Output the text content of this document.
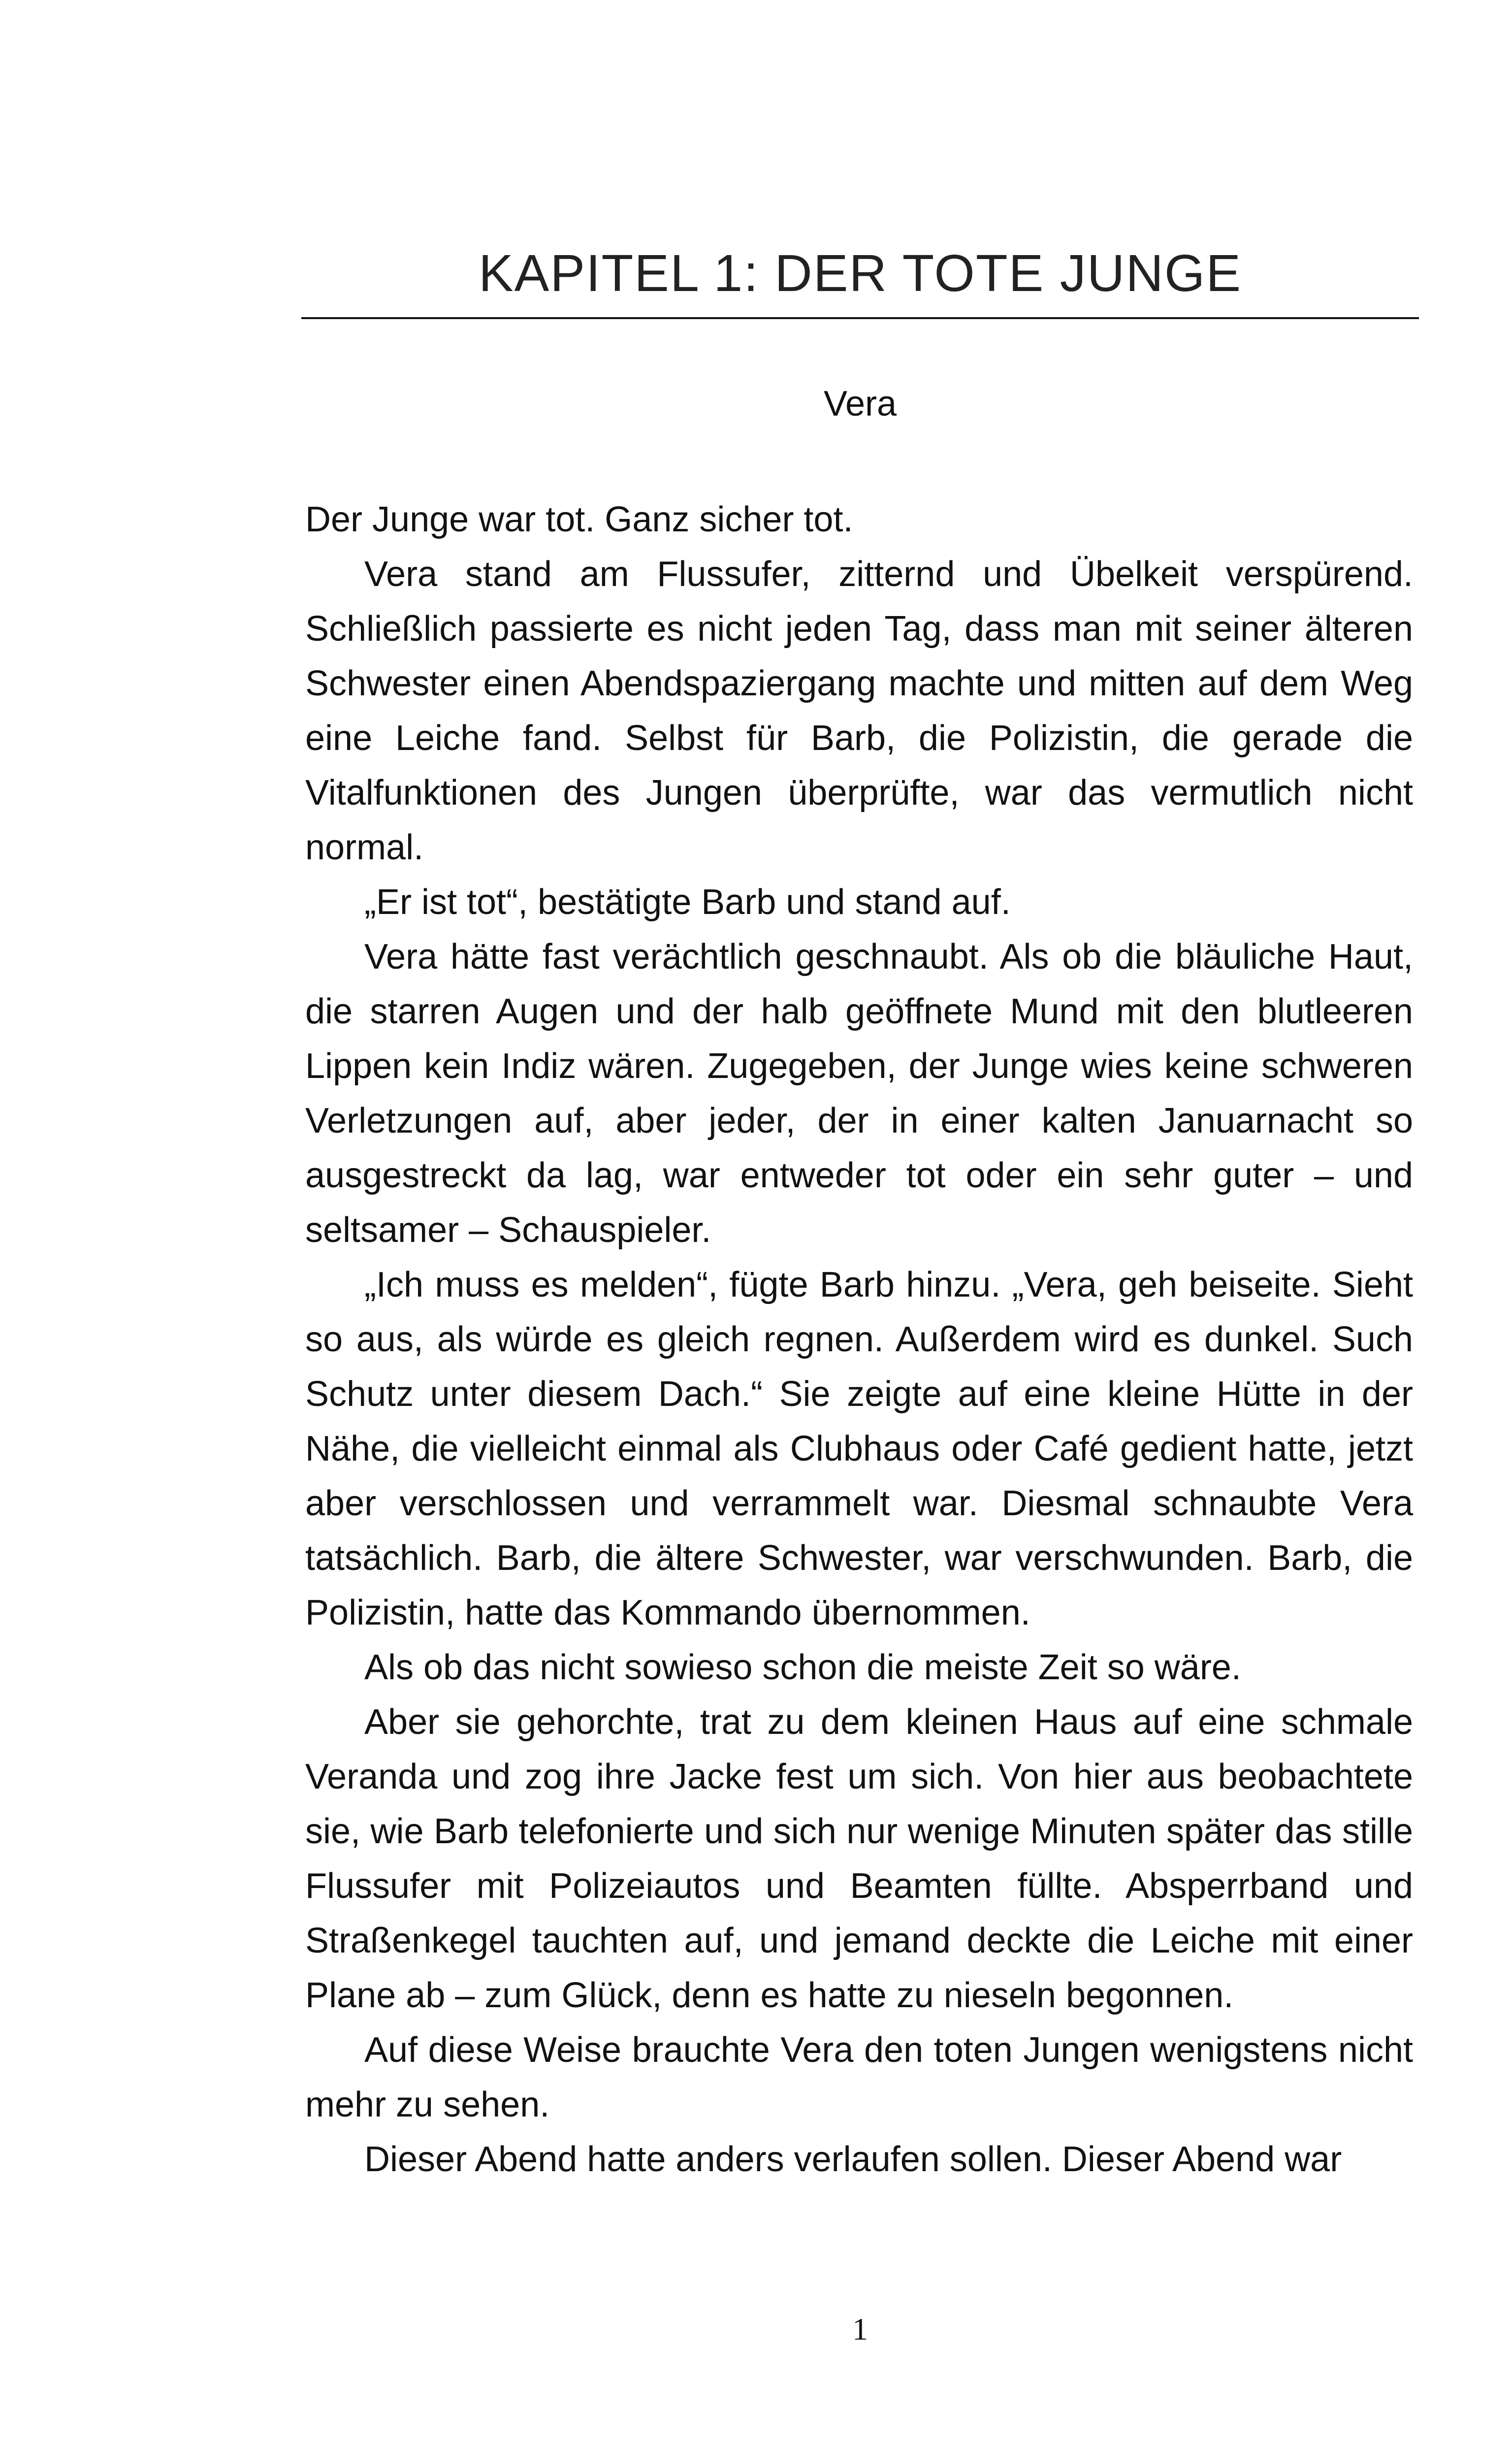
KAPITEL 1: DER TOTE JUNGE
Vera

Der Junge war tot. Ganz sicher tot.

Vera stand am Flussufer, zitternd und Übelkeit verspürend. Schließlich passierte es nicht jeden Tag, dass man mit seiner älteren Schwester einen Abendspaziergang machte und mitten auf dem Weg eine Leiche fand. Selbst für Barb, die Polizistin, die gerade die Vitalfunktionen des Jungen überprüfte, war das vermutlich nicht normal.

„Er ist tot“, bestätigte Barb und stand auf.

Vera hätte fast verächtlich geschnaubt. Als ob die bläuliche Haut, die starren Augen und der halb geöffnete Mund mit den blutleeren Lippen kein Indiz wären. Zugegeben, der Junge wies keine schweren Verletzungen auf, aber jeder, der in einer kalten Januarnacht so ausgestreckt da lag, war entweder tot oder ein sehr guter – und seltsamer – Schauspieler.

„Ich muss es melden“, fügte Barb hinzu. „Vera, geh beiseite. Sieht so aus, als würde es gleich regnen. Außerdem wird es dunkel. Such Schutz unter diesem Dach.“ Sie zeigte auf eine kleine Hütte in der Nähe, die vielleicht einmal als Clubhaus oder Café gedient hatte, jetzt aber verschlossen und verrammelt war. Diesmal schnaubte Vera tatsächlich. Barb, die ältere Schwester, war verschwunden. Barb, die Polizistin, hatte das Kommando übernommen.

Als ob das nicht sowieso schon die meiste Zeit so wäre.

Aber sie gehorchte, trat zu dem kleinen Haus auf eine schmale Veranda und zog ihre Jacke fest um sich. Von hier aus beobachtete sie, wie Barb telefonierte und sich nur wenige Minuten später das stille Flussufer mit Polizeiautos und Beamten füllte. Absperrband und Straßenkegel tauchten auf, und jemand deckte die Leiche mit einer Plane ab – zum Glück, denn es hatte zu nieseln begonnen.

Auf diese Weise brauchte Vera den toten Jungen wenigstens nicht mehr zu sehen.

Dieser Abend hatte anders verlaufen sollen. Dieser Abend war

1
